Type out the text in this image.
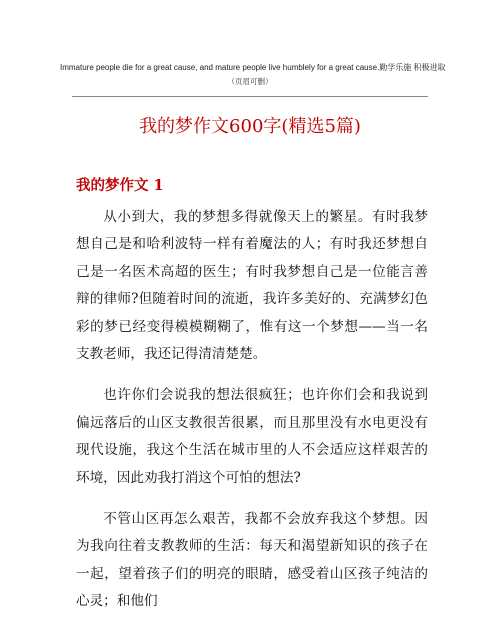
Immature people die for a great cause, and mature people live humblely for a great cause.勤学乐施 积极进取
（页眉可删）
我的梦作文600字(精选5篇)
我的梦作文 1

从小到大，我的梦想多得就像天上的繁星。有时我梦想自己是和哈利波特一样有着魔法的人；有时我还梦想自己是一名医术高超的医生；有时我梦想自己是一位能言善辩的律师?但随着时间的流逝，我许多美好的、充满梦幻色彩的梦已经变得模模糊糊了，惟有这一个梦想——当一名支教老师，我还记得清清楚楚。

也许你们会说我的想法很疯狂；也许你们会和我说到偏远落后的山区支教很苦很累，而且那里没有水电更没有现代设施，我这个生活在城市里的人不会适应这样艰苦的环境，因此劝我打消这个可怕的想法?

不管山区再怎么艰苦，我都不会放弃我这个梦想。因为我向往着支教教师的生活：每天和渴望新知识的孩子在一起，望着孩子们的明亮的眼睛，感受着山区孩子纯洁的心灵；和他们
